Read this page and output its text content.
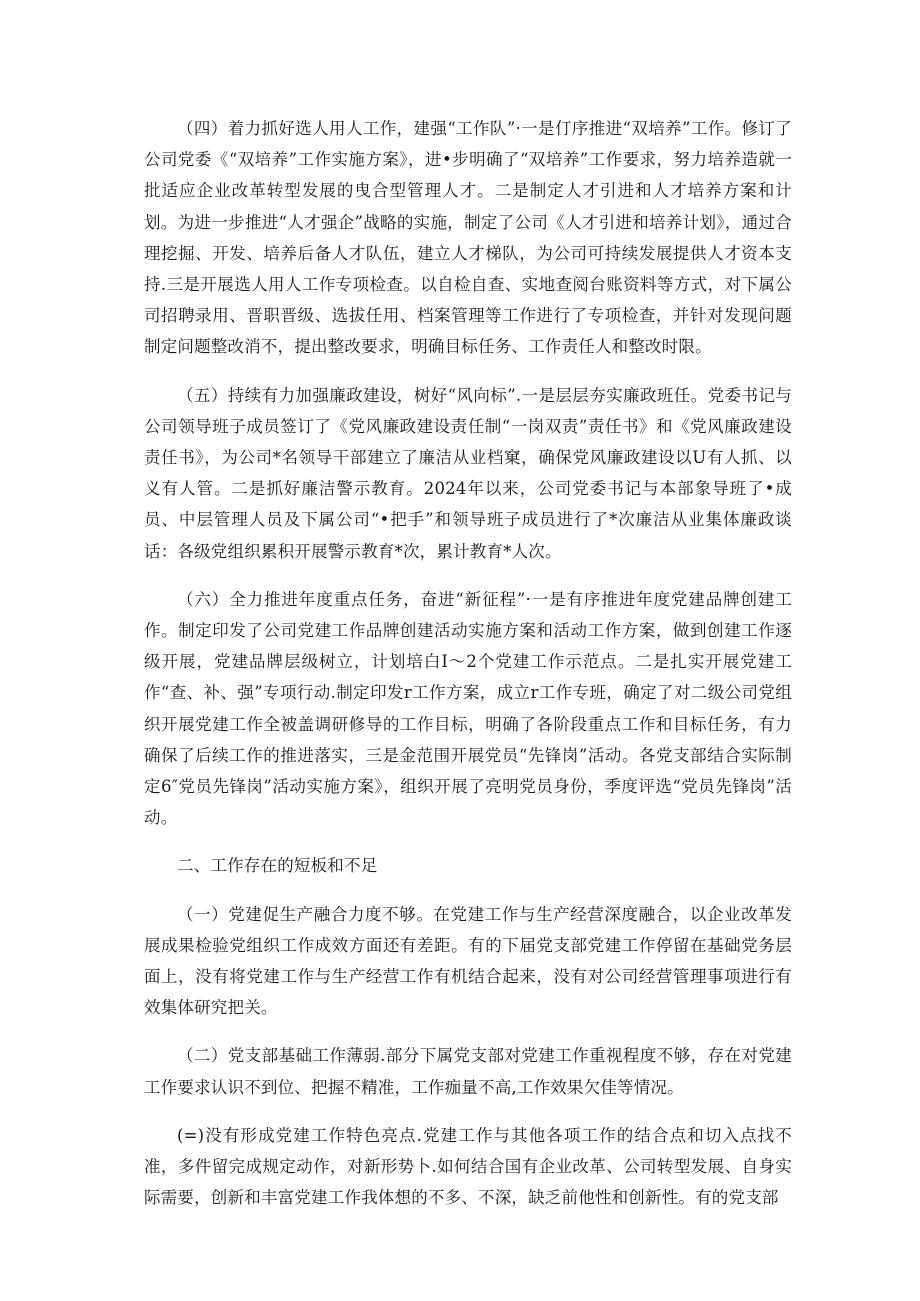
（四）着力抓好选人用人工作，建强“工作队”·一是仃序推进“双培养”工作。修订了公司党委《“双培养”工作实施方案》，进•步明确了“双培养”工作要求，努力培养造就一批适应企业改革转型发展的曳合型管理人才。二是制定人才引进和人才培养方案和计划。为进一步推进“人才强企”战略的实施，制定了公司《人才引进和培养计划》，通过合理挖掘、开发、培养后备人才队伍，建立人才梯队，为公司可持续发展提供人才资本支持.三是开展选人用人工作专项检查。以自检自查、实地查阅台账资料等方式，对下属公司招聘录用、晋职晋级、选拔任用、档案管理等工作进行了专项检查，并针对发现问题制定问题整改消不，提出整改要求，明确目标任务、工作责任人和整改时限。

（五）持续有力加强廉政建设，树好“风向标”.一是层层夯实廉政班任。党委书记与公司领导班子成员签订了《党风廉政建设责任制“一岗双责”责任书》和《党风廉政建设责任书》，为公司*名领导干部建立了廉洁从业档窠，确保党风廉政建设以U有人抓、以义有人管。二是抓好廉洁警示教育。2024年以来，公司党委书记与本部象导班了•成员、中层管理人员及下属公司“•把手”和领导班子成员进行了*次廉洁从业集体廉政谈话：各级党组织累积开展警示教育*次，累计教育*人次。

（六）全力推进年度重点任务，奋进“新征程”·一是有序推进年度党建品牌创建工作。制定印发了公司党建工作品牌创建活动实施方案和活动工作方案，做到创建工作逐级开展，党建品牌层级树立，计划培白I〜2个党建工作示范点。二是扎实开展党建工作“查、补、强”专项行动.制定印发r工作方案，成立r工作专班，确定了对二级公司党组织开展党建工作全被盖调研修导的工作目标，明确了各阶段重点工作和目标任务，有力确保了后续工作的推进落实，三是金范围开展党员“先锋岗”活动。各党支部结合实际制定6″党员先锋岗”活动实施方案》，组织开展了亮明党员身份，季度评选“党员先锋岗”活动。

二、工作存在的短板和不足

（一）党建促生产融合力度不够。在党建工作与生产经营深度融合，以企业改革发展成果检验党组织工作成效方面还有差距。有的下届党支部党建工作停留在基础党务层面上，没有将党建工作与生产经营工作有机结合起来，没有对公司经营管理事项进行有效集体研究把关。

（二）党支部基础工作薄弱.部分下属党支部对党建工作重视程度不够，存在对党建工作要求认识不到位、把握不精准，工作痂量不高,工作效果欠佳等情况。

(=)没有形成党建工作特色亮点.党建工作与其他各项工作的结合点和切入点找不准，多件留完成规定动作，对新形势卜.如何结合国有企业改革、公司转型发展、自身实际需要，创新和丰富党建工作我体想的不多、不深，缺乏前他性和创新性。有的党支部
